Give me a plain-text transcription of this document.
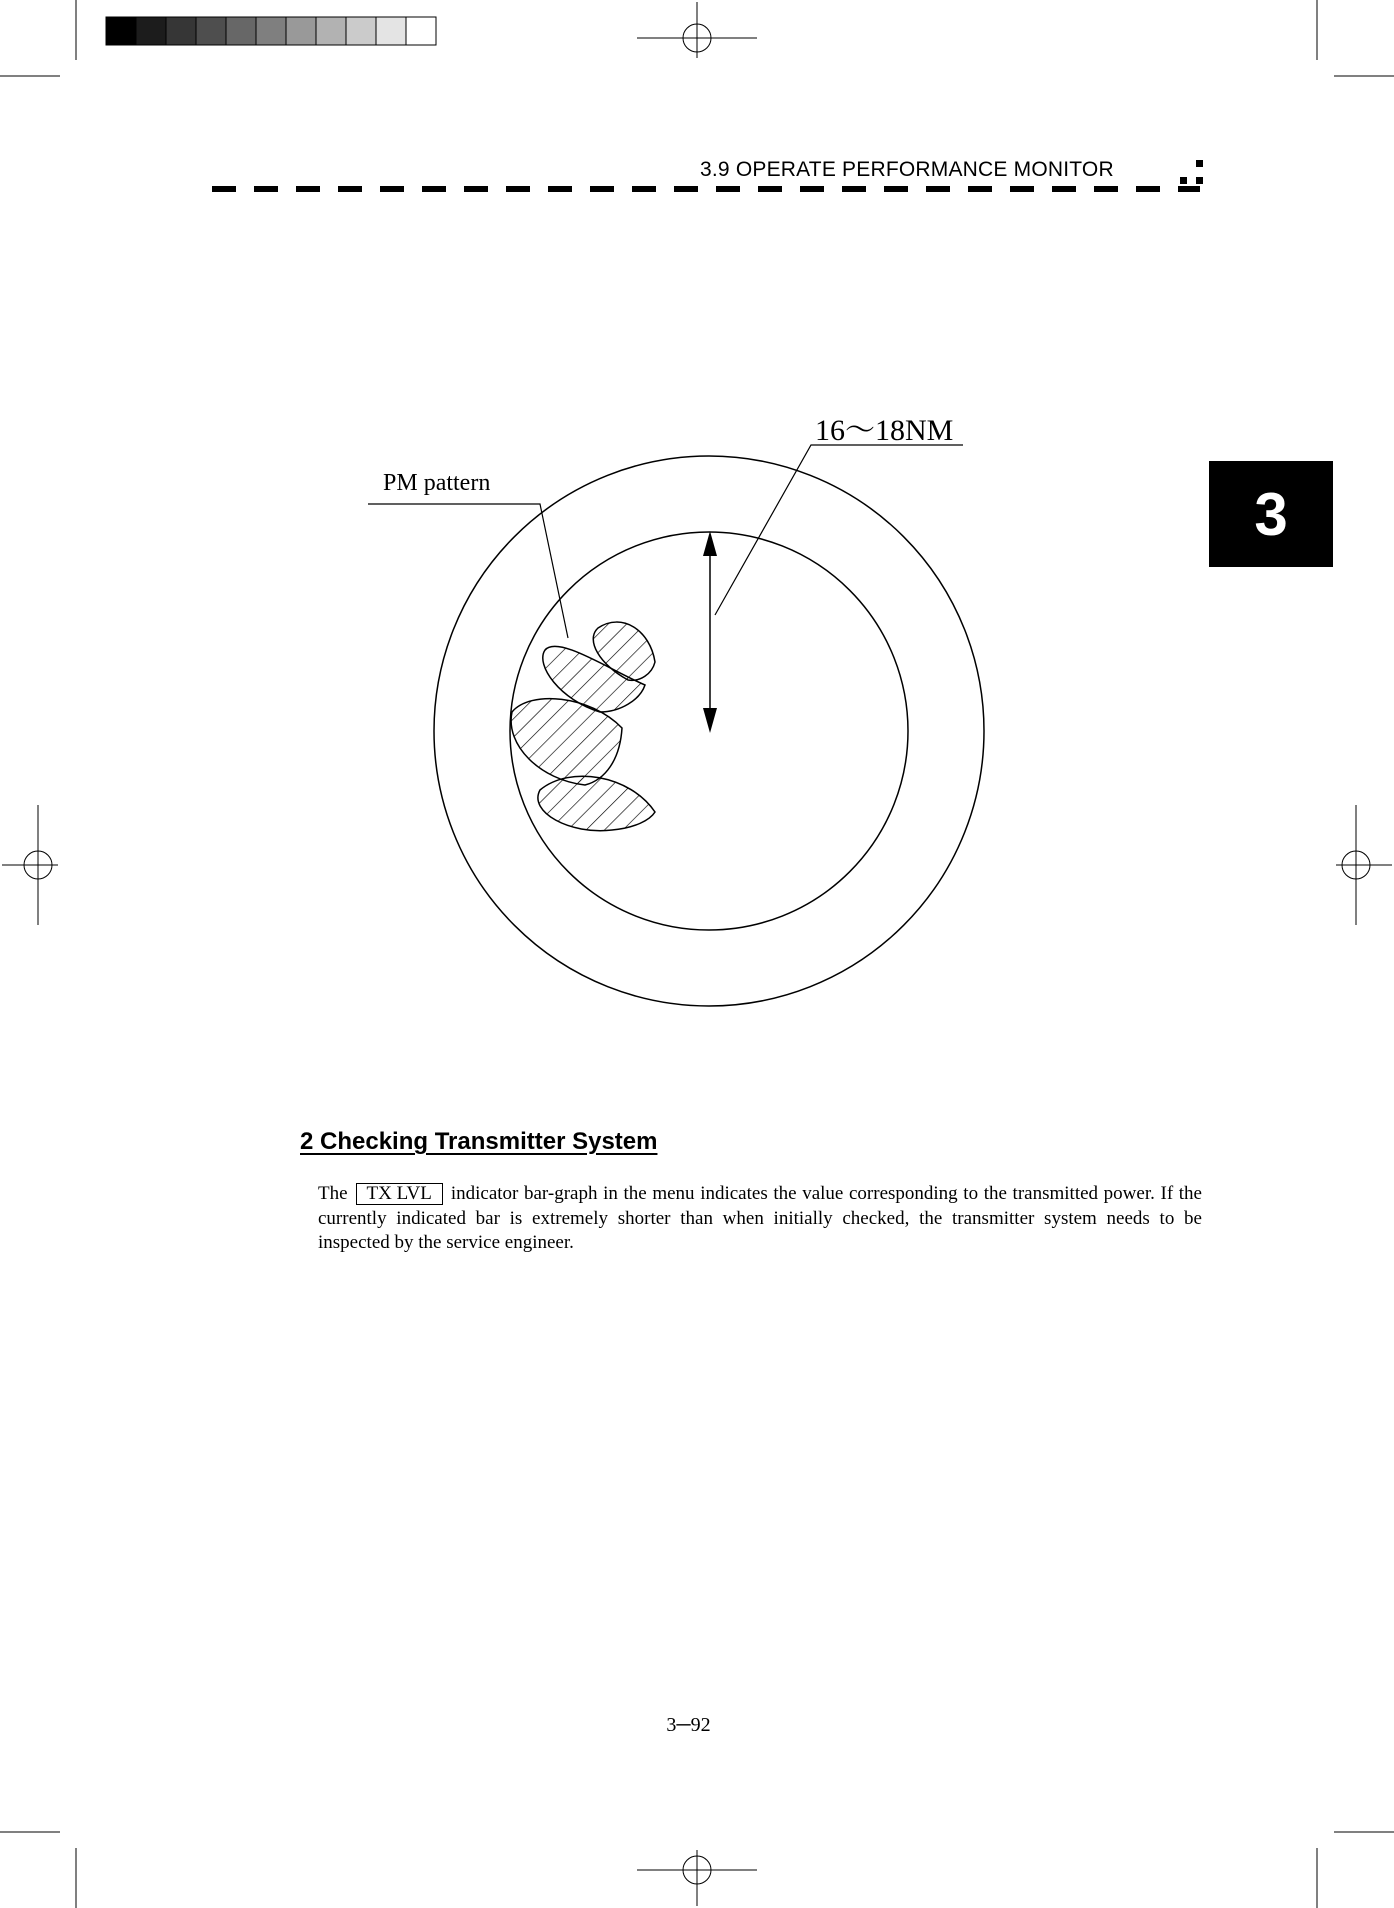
3.9 OPERATE PERFORMANCE MONITOR
3
16～18NM
PM pattern
2 Checking Transmitter System
The TX LVL indicator bar-graph in the menu indicates the value corresponding to the transmitted power. If the currently indicated bar is extremely shorter than when initially checked, the transmitter system needs to be inspected by the service engineer.
3─92
